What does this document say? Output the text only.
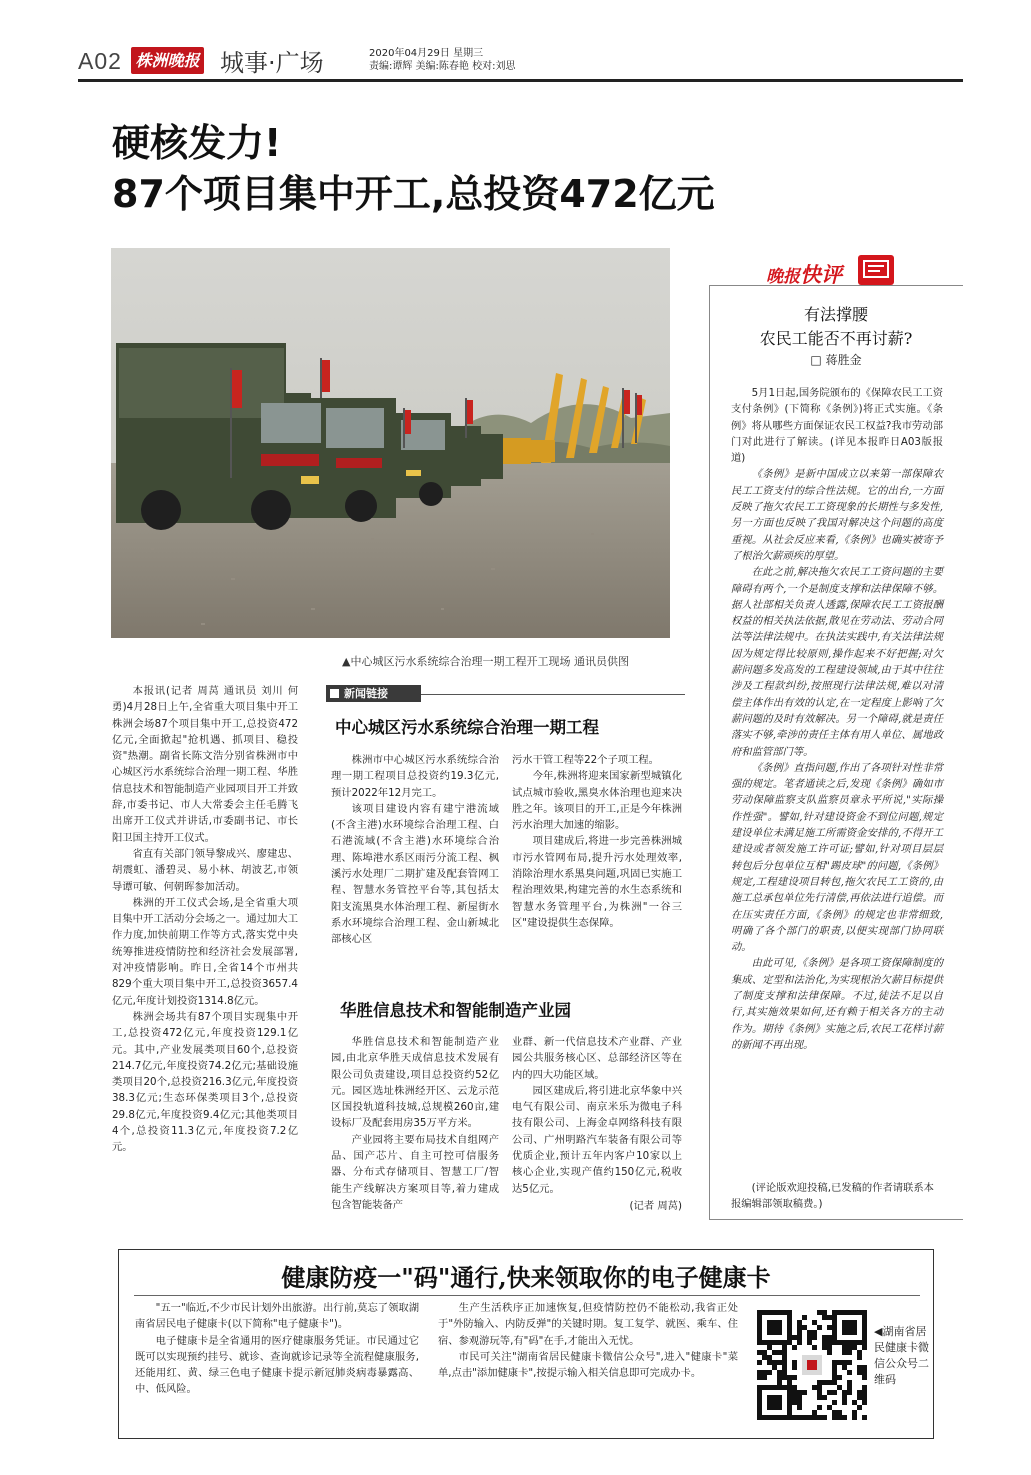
A02 株洲晚报 城事·广场	2020年04月29日 星期三
责编:谭辉 美编:陈春艳 校对:刘思
硬核发力!
87个项目集中开工,总投资472亿元
▲中心城区污水系统综合治理一期工程开工现场 通讯员供图

本报讯(记者 周莴 通讯员 刘川 何勇)4月28日上午,全省重大项目集中开工株洲会场87个项目集中开工,总投资472亿元,全面掀起"抢机遇、抓项目、稳投资"热潮。副省长陈文浩分别省株洲市中心城区污水系统综合治理一期工程、华胜信息技术和智能制造产业园项目开工并致辞,市委书记、市人大常委会主任毛腾飞出席开工仪式并讲话,市委副书记、市长阳卫国主持开工仪式。

省直有关部门领导黎成兴、廖建忠、胡震虹、潘碧灵、易小林、胡波艺,市领导谭可敏、何朝晖参加活动。

株洲的开工仪式会场,是全省重大项目集中开工活动分会场之一。通过加大工作力度,加快前期工作等方式,落实党中央统筹推进疫情防控和经济社会发展部署,对冲疫情影响。昨日,全省14个市州共829个重大项目集中开工,总投资3657.4亿元,年度计划投资1314.8亿元。

株洲会场共有87个项目实现集中开工,总投资472亿元,年度投资129.1亿元。其中,产业发展类项目60个,总投资214.7亿元,年度投资74.2亿元;基础设施类项目20个,总投资216.3亿元,年度投资38.3亿元;生态环保类项目3个,总投资29.8亿元,年度投资9.4亿元;其他类项目4个,总投资11.3亿元,年度投资7.2亿元。

新闻链接
中心城区污水系统综合治理一期工程

株洲市中心城区污水系统综合治理一期工程项目总投资约19.3亿元,预计2022年12月完工。

该项目建设内容有建宁港流域(不含主港)水环境综合治理工程、白石港流域(不含主港)水环境综合治理、陈埠港水系区雨污分流工程、枫溪污水处理厂二期扩建及配套管网工程、智慧水务管控平台等,其包括太阳支流黑臭水体治理工程、新屋街水系水环境综合治理工程、金山新城北部核心区

污水干管工程等22个子项工程。

今年,株洲将迎来国家新型城镇化试点城市验收,黑臭水体治理也迎来决胜之年。该项目的开工,正是今年株洲污水治理大加速的缩影。

项目建成后,将进一步完善株洲城市污水管网布局,提升污水处理效率,消除治理水系黑臭问题,巩固已实施工程治理效果,构建完善的水生态系统和智慧水务管理平台,为株洲"一谷三区"建设提供生态保障。

华胜信息技术和智能制造产业园

华胜信息技术和智能制造产业园,由北京华胜天成信息技术发展有限公司负责建设,项目总投资约52亿元。园区选址株洲经开区、云龙示范区国投轨道科技城,总规模260亩,建设标厂及配套用房35万平方米。

产业园将主要布局技术自组网产品、国产芯片、自主可控可信服务器、分布式存储项目、智慧工厂/智能生产线解决方案项目等,着力建成包含智能装备产

业群、新一代信息技术产业群、产业园公共服务核心区、总部经济区等在内的四大功能区域。

园区建成后,将引进北京华象中兴电气有限公司、南京米乐为微电子科技有限公司、上海金卓网络科技有限公司、广州明路汽车装备有限公司等优质企业,预计五年内客户10家以上核心企业,实现产值约150亿元,税收达5亿元。

(记者 周莴)
晚报快评
有法撑腰
农民工能否不再讨薪?
□ 蒋胜金

5月1日起,国务院颁布的《保障农民工工资支付条例》(下简称《条例》)将正式实施。《条例》将从哪些方面保证农民工权益?我市劳动部门对此进行了解读。(详见本报昨日A03版报道)

《条例》是新中国成立以来第一部保障农民工工资支付的综合性法规。它的出台,一方面反映了拖欠农民工工资现象的长期性与多发性,另一方面也反映了我国对解决这个问题的高度重视。从社会反应来看,《条例》也确实被寄予了根治欠薪顽疾的厚望。

在此之前,解决拖欠农民工工资问题的主要障碍有两个,一个是制度支撑和法律保障不够。据人社部相关负责人透露,保障农民工工资报酬权益的相关执法依据,散见在劳动法、劳动合同法等法律法规中。在执法实践中,有关法律法规因为规定得比较原则,操作起来不好把握;对欠薪问题多发高发的工程建设领域,由于其中往往涉及工程款纠纷,按照现行法律法规,难以对清偿主体作出有效的认定,在一定程度上影响了欠薪问题的及时有效解决。另一个障碍,就是责任落实不够,牵涉的责任主体有用人单位、属地政府和监管部门等。

《条例》直指问题,作出了各项针对性非常强的规定。笔者通读之后,发现《条例》确如市劳动保障监察支队监察员章永平所说,"实际操作性强"。譬如,针对建设资金不到位问题,规定建设单位未满足施工所需资金安排的,不得开工建设或者领发施工许可证;譬如,针对项目层层转包后分包单位互相"踢皮球"的问题,《条例》规定,工程建设项目转包,拖欠农民工工资的,由施工总承包单位先行清偿,再依法进行追偿。而在压实责任方面,《条例》的规定也非常细致,明确了各个部门的职责,以便实现部门协同联动。

由此可见,《条例》是各项工资保障制度的集成、定型和法治化,为实现根治欠薪目标提供了制度支撑和法律保障。不过,徒法不足以自行,其实施效果如何,还有赖于相关各方的主动作为。期待《条例》实施之后,农民工花样讨薪的新闻不再出现。

(评论版欢迎投稿,已发稿的作者请联系本报编辑部领取稿费。)
健康防疫一"码"通行,快来领取你的电子健康卡

"五一"临近,不少市民计划外出旅游。出行前,莫忘了领取湖南省居民电子健康卡(以下简称"电子健康卡")。

电子健康卡是全省通用的医疗健康服务凭证。市民通过它既可以实现预约挂号、就诊、查询就诊记录等全流程健康服务,还能用红、黄、绿三色电子健康卡提示新冠肺炎病毒暴露高、中、低风险。

生产生活秩序正加速恢复,但疫情防控仍不能松动,我省正处于"外防输入、内防反弹"的关键时期。复工复学、就医、乘车、住宿、参观游玩等,有"码"在手,才能出入无忧。

市民可关注"湖南省居民健康卡微信公众号",进入"健康卡"菜单,点击"添加健康卡",按提示输入相关信息即可完成办卡。

◀湖南省居民健康卡微信公众号二维码
